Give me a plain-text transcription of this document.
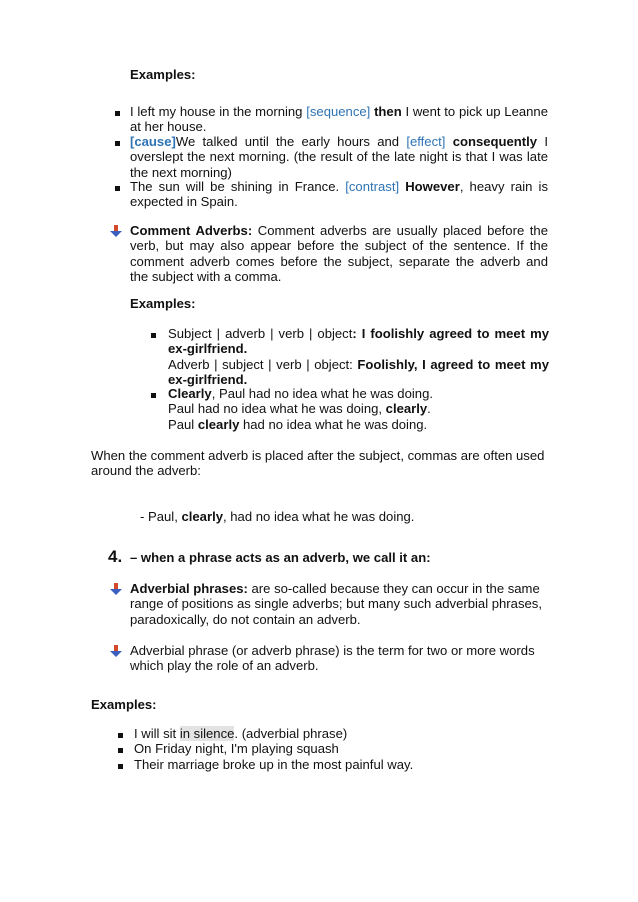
Examples:
I left my house in the morning [sequence] then I went to pick up Leanne at her house.
[cause]We talked until the early hours and [effect] consequently I overslept the next morning. (the result of the late night is that I was late the next morning)
The sun will be shining in France. [contrast] However, heavy rain is expected in Spain.
Comment Adverbs: Comment adverbs are usually placed before the verb, but may also appear before the subject of the sentence. If the comment adverb comes before the subject, separate the adverb and the subject with a comma.
Examples:

Subject | adverb | verb | object: I foolishly agreed to meet my ex-girlfriend.

Adverb | subject | verb | object: Foolishly, I agreed to meet my ex-girlfriend.

Clearly, Paul had no idea what he was doing.

Paul had no idea what he was doing, clearly.

Paul clearly had no idea what he was doing.

When the comment adverb is placed after the subject, commas are often used around the adverb:
- Paul, clearly, had no idea what he was doing.
4. – when a phrase acts as an adverb, we call it an:
Adverbial phrases: are so-called because they can occur in the same range of positions as single adverbs; but many such adverbial phrases, paradoxically, do not contain an adverb.
Adverbial phrase (or adverb phrase) is the term for two or more words which play the role of an adverb.
Examples:
I will sit in silence. (adverbial phrase)
On Friday night, I'm playing squash
Their marriage broke up in the most painful way.
